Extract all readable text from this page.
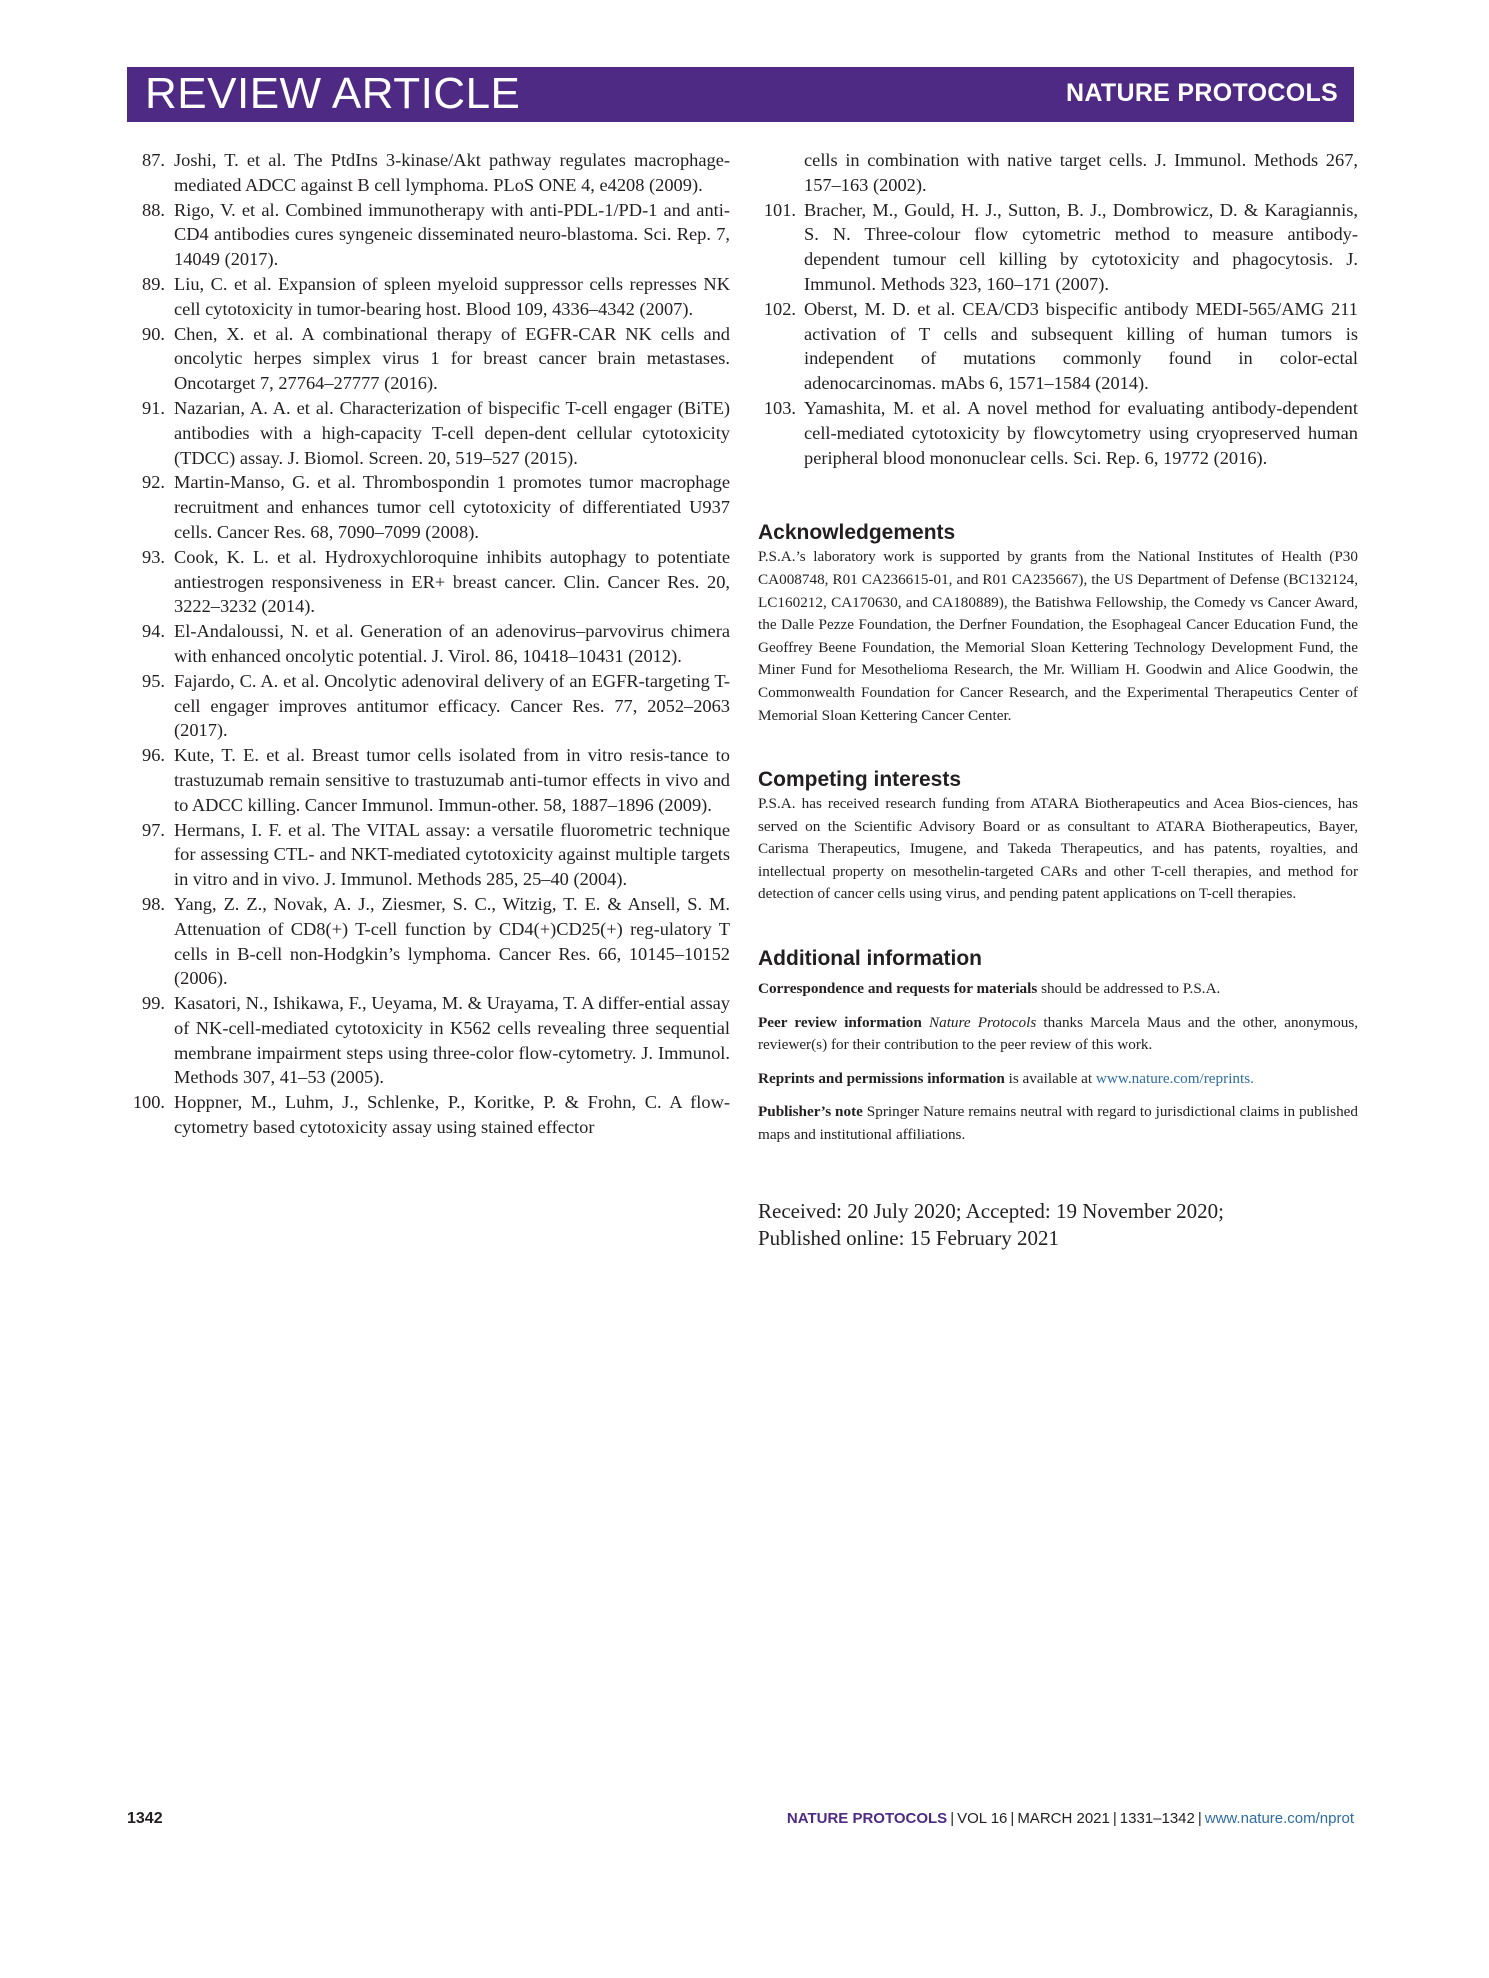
REVIEW ARTICLE	NATURE PROTOCOLS

87. Joshi, T. et al. The PtdIns 3-kinase/Akt pathway regulates macrophage-mediated ADCC against B cell lymphoma. PLoS ONE 4, e4208 (2009).

88. Rigo, V. et al. Combined immunotherapy with anti-PDL-1/PD-1 and anti-CD4 antibodies cures syngeneic disseminated neuro-blastoma. Sci. Rep. 7, 14049 (2017).

89. Liu, C. et al. Expansion of spleen myeloid suppressor cells represses NK cell cytotoxicity in tumor-bearing host. Blood 109, 4336–4342 (2007).

90. Chen, X. et al. A combinational therapy of EGFR-CAR NK cells and oncolytic herpes simplex virus 1 for breast cancer brain metastases. Oncotarget 7, 27764–27777 (2016).

91. Nazarian, A. A. et al. Characterization of bispecific T-cell engager (BiTE) antibodies with a high-capacity T-cell depen-dent cellular cytotoxicity (TDCC) assay. J. Biomol. Screen. 20, 519–527 (2015).

92. Martin-Manso, G. et al. Thrombospondin 1 promotes tumor macrophage recruitment and enhances tumor cell cytotoxicity of differentiated U937 cells. Cancer Res. 68, 7090–7099 (2008).

93. Cook, K. L. et al. Hydroxychloroquine inhibits autophagy to potentiate antiestrogen responsiveness in ER+ breast cancer. Clin. Cancer Res. 20, 3222–3232 (2014).

94. El-Andaloussi, N. et al. Generation of an adenovirus–parvovirus chimera with enhanced oncolytic potential. J. Virol. 86, 10418–10431 (2012).

95. Fajardo, C. A. et al. Oncolytic adenoviral delivery of an EGFR-targeting T-cell engager improves antitumor efficacy. Cancer Res. 77, 2052–2063 (2017).

96. Kute, T. E. et al. Breast tumor cells isolated from in vitro resis-tance to trastuzumab remain sensitive to trastuzumab anti-tumor effects in vivo and to ADCC killing. Cancer Immunol. Immun-other. 58, 1887–1896 (2009).

97. Hermans, I. F. et al. The VITAL assay: a versatile fluorometric technique for assessing CTL- and NKT-mediated cytotoxicity against multiple targets in vitro and in vivo. J. Immunol. Methods 285, 25–40 (2004).

98. Yang, Z. Z., Novak, A. J., Ziesmer, S. C., Witzig, T. E. & Ansell, S. M. Attenuation of CD8(+) T-cell function by CD4(+)CD25(+) reg-ulatory T cells in B-cell non-Hodgkin’s lymphoma. Cancer Res. 66, 10145–10152 (2006).

99. Kasatori, N., Ishikawa, F., Ueyama, M. & Urayama, T. A differ-ential assay of NK-cell-mediated cytotoxicity in K562 cells revealing three sequential membrane impairment steps using three-color flow-cytometry. J. Immunol. Methods 307, 41–53 (2005).

100. Hoppner, M., Luhm, J., Schlenke, P., Koritke, P. & Frohn, C. A flow-cytometry based cytotoxicity assay using stained effector

cells in combination with native target cells. J. Immunol. Methods 267, 157–163 (2002).

101. Bracher, M., Gould, H. J., Sutton, B. J., Dombrowicz, D. & Karagiannis, S. N. Three-colour flow cytometric method to measure antibody-dependent tumour cell killing by cytotoxicity and phagocytosis. J. Immunol. Methods 323, 160–171 (2007).

102. Oberst, M. D. et al. CEA/CD3 bispecific antibody MEDI-565/AMG 211 activation of T cells and subsequent killing of human tumors is independent of mutations commonly found in color-ectal adenocarcinomas. mAbs 6, 1571–1584 (2014).

103. Yamashita, M. et al. A novel method for evaluating antibody-dependent cell-mediated cytotoxicity by flowcytometry using cryopreserved human peripheral blood mononuclear cells. Sci. Rep. 6, 19772 (2016).

Acknowledgements

P.S.A.’s laboratory work is supported by grants from the National Institutes of Health (P30 CA008748, R01 CA236615-01, and R01 CA235667), the US Department of Defense (BC132124, LC160212, CA170630, and CA180889), the Batishwa Fellowship, the Comedy vs Cancer Award, the Dalle Pezze Foundation, the Derfner Foundation, the Esophageal Cancer Education Fund, the Geoffrey Beene Foundation, the Memorial Sloan Kettering Technology Development Fund, the Miner Fund for Mesothelioma Research, the Mr. William H. Goodwin and Alice Goodwin, the Commonwealth Foundation for Cancer Research, and the Experimental Therapeutics Center of Memorial Sloan Kettering Cancer Center.

Competing interests

P.S.A. has received research funding from ATARA Biotherapeutics and Acea Bios-ciences, has served on the Scientific Advisory Board or as consultant to ATARA Biotherapeutics, Bayer, Carisma Therapeutics, Imugene, and Takeda Therapeutics, and has patents, royalties, and intellectual property on mesothelin-targeted CARs and other T-cell therapies, and method for detection of cancer cells using virus, and pending patent applications on T-cell therapies.

Additional information

Correspondence and requests for materials should be addressed to P.S.A.

Peer review information Nature Protocols thanks Marcela Maus and the other, anonymous, reviewer(s) for their contribution to the peer review of this work.

Reprints and permissions information is available at www.nature.com/reprints.

Publisher’s note Springer Nature remains neutral with regard to jurisdictional claims in published maps and institutional affiliations.

Received: 20 July 2020; Accepted: 19 November 2020;

Published online: 15 February 2021

1342	NATURE PROTOCOLS | VOL 16 | MARCH 2021 | 1331–1342 | www.nature.com/nprot
